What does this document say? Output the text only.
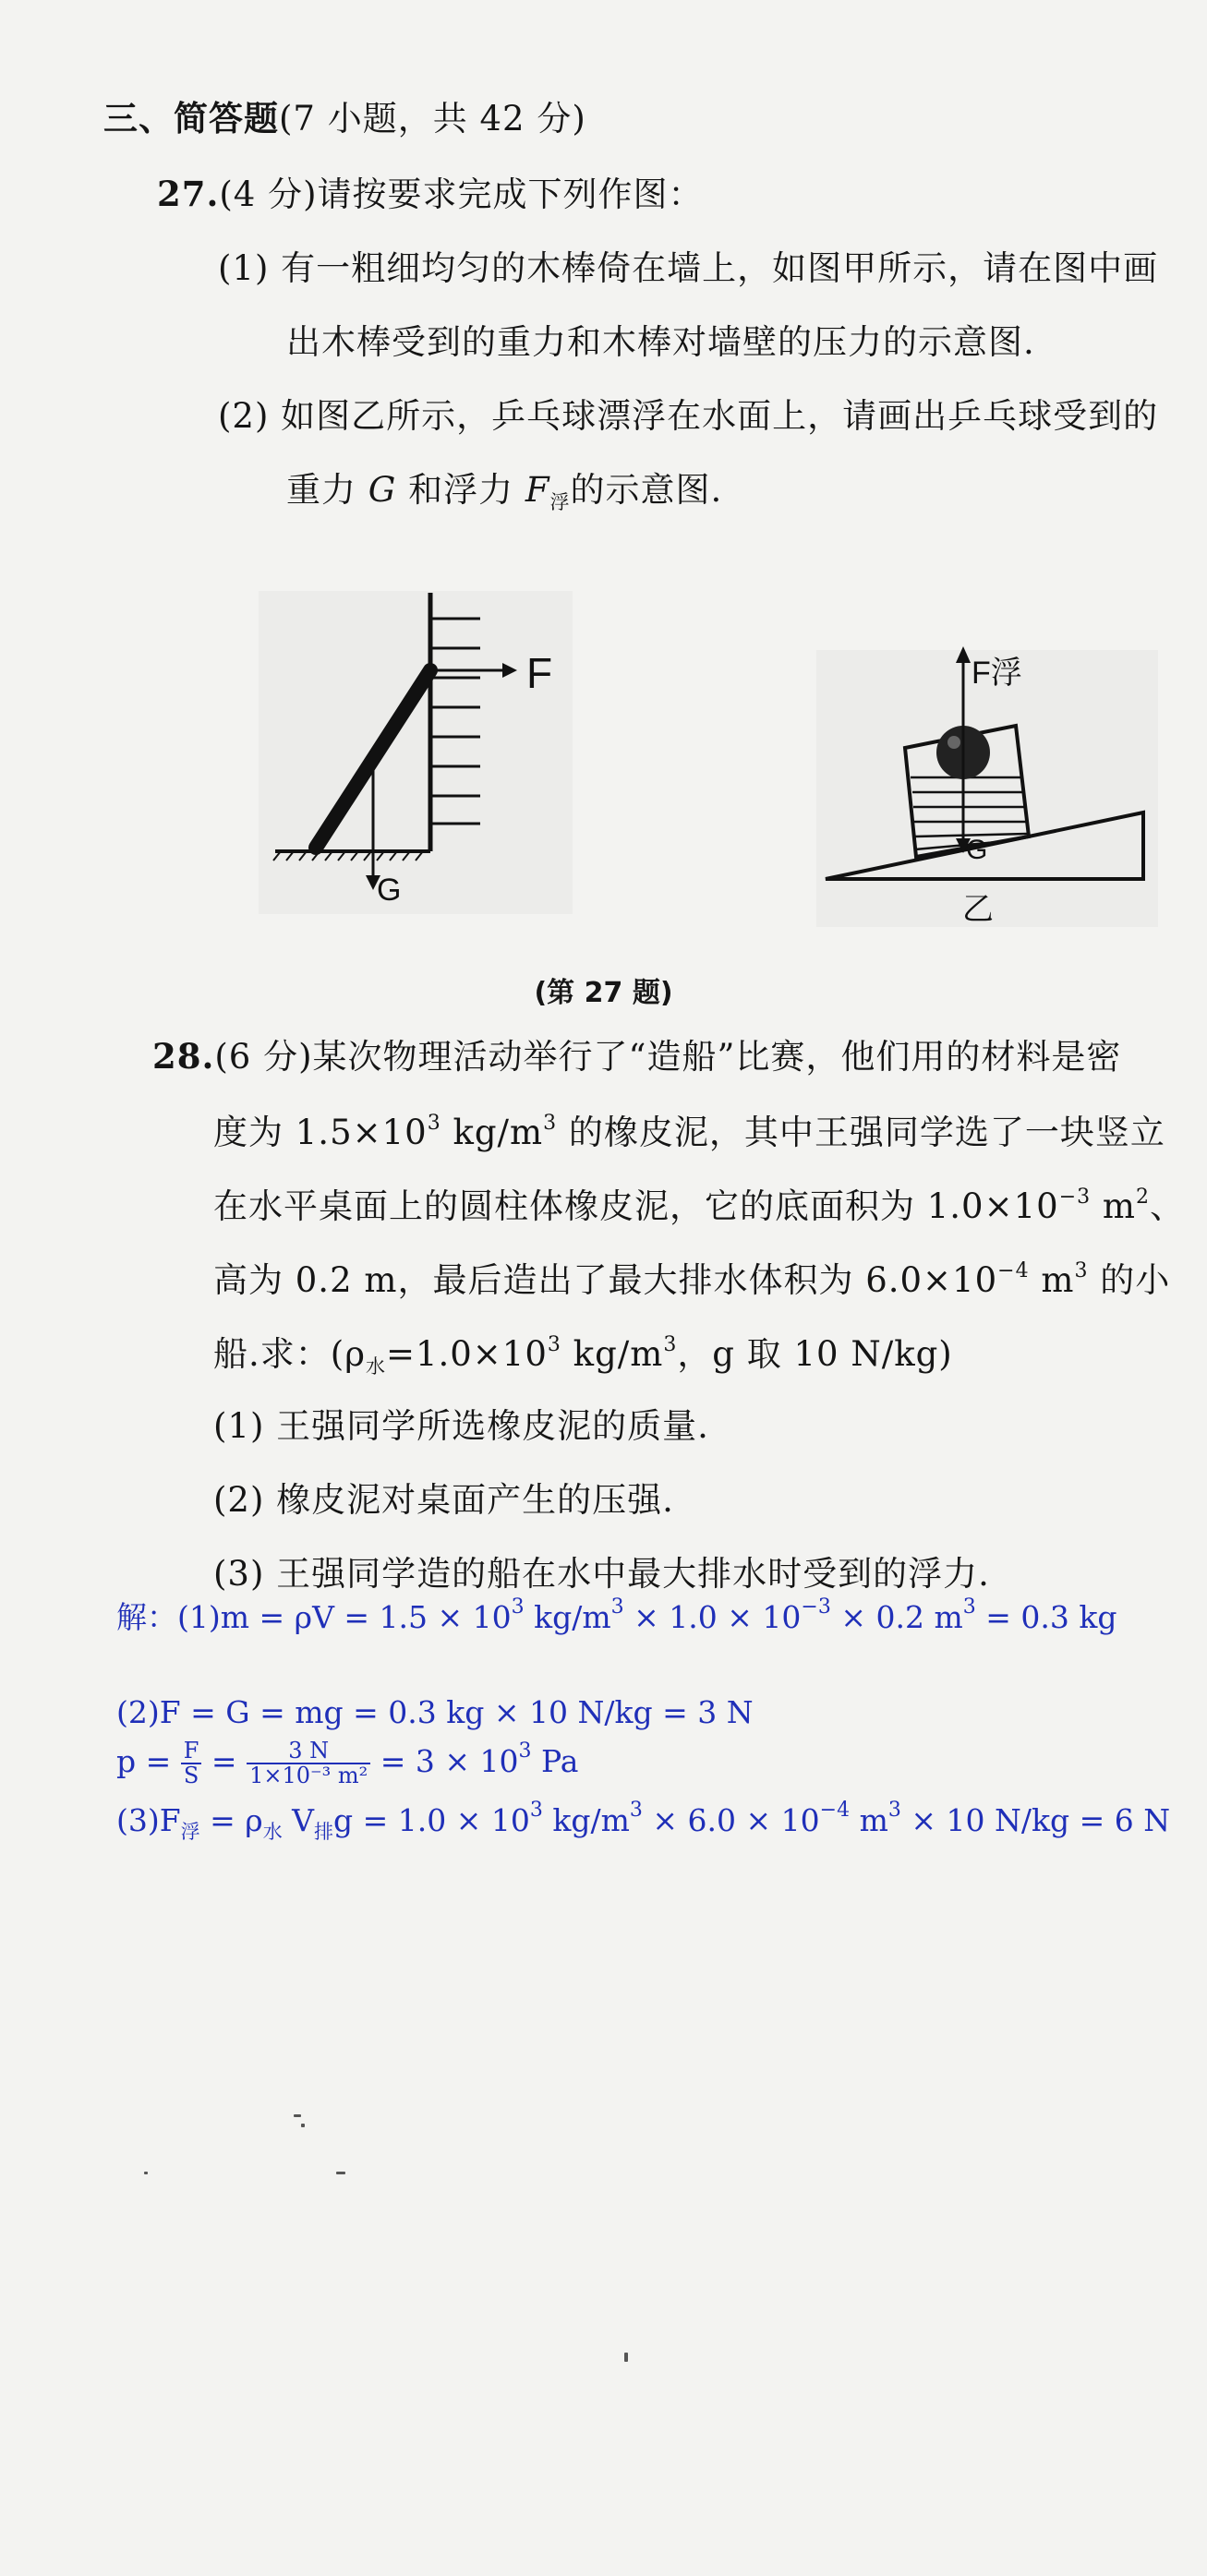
三、简答题(7 小题，共 42 分)
27.(4 分)请按要求完成下列作图：
(1) 有一粗细均匀的木棒倚在墙上，如图甲所示，请在图中画
出木棒受到的重力和木棒对墙壁的压力的示意图.
(2) 如图乙所示，乒乓球漂浮在水面上，请画出乒乓球受到的
重力 G 和浮力 $F_浮$的示意图.
F
G
F浮
G
乙
(第 27 题)
28.(6 分)某次物理活动举行了“造船”比赛，他们用的材料是密
度为 $1.5\times 10^3$ $kg/m^3$ 的橡皮泥，其中王强同学选了一块竖立
在水平桌面上的圆柱体橡皮泥，它的底面积为 $1.0\times 10^{-3}$ $m^2$、
高为 0.2 m，最后造出了最大排水体积为 $6.0\times 10^{-4}$ $m^3$ 的小
船.求：($\rho_水=1.0\times 10^3$ $kg/m^3$，g 取 10 N/kg)
(1) 王强同学所选橡皮泥的质量.
(2) 橡皮泥对桌面产生的压强.
(3) 王强同学造的船在水中最大排水时受到的浮力.
解：$(1)m = \rho V = 1.5 \times 10^3$ $kg/m^3 \times 1.0 \times 10^{-3} \times 0.2$ $m^3 = 0.3$ kg
(2)F = G = mg = 0.3 kg × 10 N/kg = 3 N
$p = \frac{F}{S} = \frac{3 N}{\text{1×10⁻³ m²}} = 3 \times 10^3$ Pa
$(3)F_浮 = \rho_水$ $V_排g = 1.0 \times 10^3$ $kg/m^3 \times 6.0 \times 10^{-4}$ $m^3 \times 10$ N/kg = 6 N
